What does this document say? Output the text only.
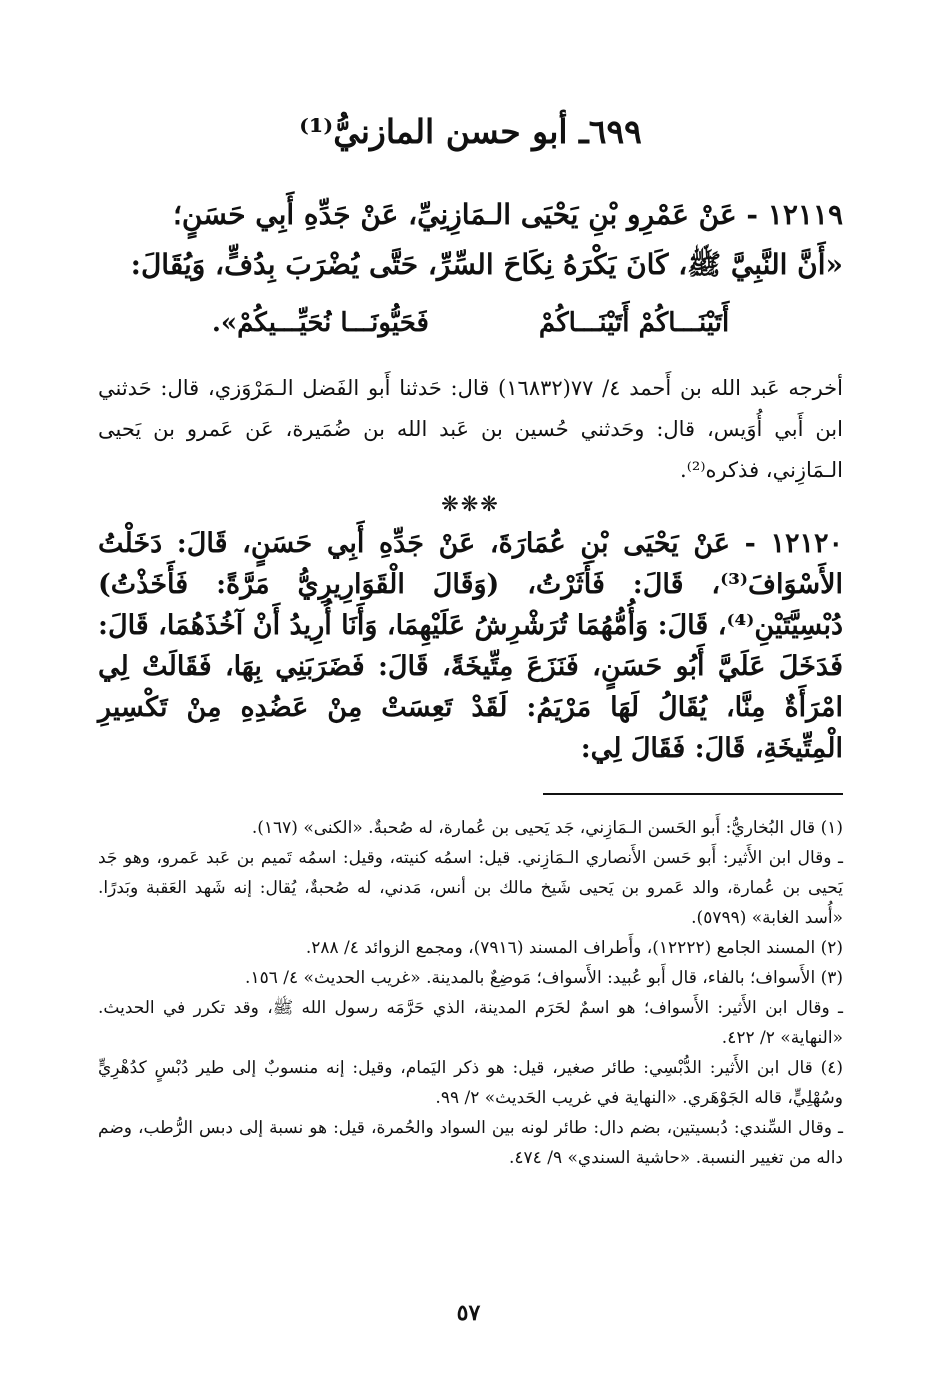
٦٩٩ـ أبو حسن المازنيُّ⁽¹⁾

١٢١١٩ - عَنْ عَمْرِو بْنِ يَحْيَى الـمَازِنِيِّ، عَنْ جَدِّهِ أَبِي حَسَنٍ؛

«أَنَّ النَّبِيَّ ﷺ، كَانَ يَكْرَهُ نِكَاحَ السِّرِّ، حَتَّى يُضْرَبَ بِدُفٍّ، وَيُقَالَ:

أَتَيْنَـــاكُمْ أَتَيْنَـــاكُمْ
فَحَيُّونَـــا نُحَيِّـــيكُمْ».

أخرجه عَبد الله بن أَحمد ٤/ ٧٧(١٦٨٣٢) قال: حَدثنا أَبو الفَضل الـمَرْوَزي، قال: حَدثني ابن أَبي أُوَيس، قال: وحَدثني حُسين بن عَبد الله بن ضُمَيرة، عَن عَمرو بن يَحيى الـمَازِني، فذكره⁽²⁾.

❋❋❋

١٢١٢٠ - عَنْ يَحْيَى بْنِ عُمَارَةَ، عَنْ جَدِّهِ أَبِي حَسَنٍ، قَالَ: دَخَلْتُ الأَسْوَافَ⁽³⁾، قَالَ: فَأَثَرْتُ، (وَقَالَ الْقَوَارِيرِيُّ مَرَّةً: فَأَخَذْتُ) دُبْسِيَّتَيْنِ⁽⁴⁾، قَالَ: وَأُمُّهُمَا تُرَشْرِشُ عَلَيْهِمَا، وَأَنَا أُرِيدُ أَنْ آخُذَهُمَا، قَالَ: فَدَخَلَ عَلَيَّ أَبُو حَسَنٍ، فَنَزَعَ مِتِّيخَةً، قَالَ: فَضَرَبَنِي بِهَا، فَقَالَتْ لِي امْرَأَةٌ مِنَّا، يُقَالُ لَهَا مَرْيَمُ: لَقَدْ تَعِسَتْ مِنْ عَضُدِهِ مِنْ تَكْسِيرِ الْمِتِّيخَةِ، قَالَ: فَقَالَ لِي:

(١) قال البُخاريُّ: أَبو الحَسن الـمَازِني، جَد يَحيى بن عُمارة، له صُحبةٌ. «الكنى» (١٦٧).

ـ وقال ابن الأَثير: أَبو حَسن الأَنصاري الـمَازِني. قيل: اسمُه كنيته، وقيل: اسمُه تَميم بن عَبد عَمرو، وهو جَد يَحيى بن عُمارة، والد عَمرو بن يَحيى شَيخ مالك بن أنس، مَدني، له صُحبةٌ، يُقال: إنه شَهد العَقبة وبَدرًا. «أُسد الغابة» (٥٧٩٩).

(٢) المسند الجامع (١٢٢٢٢)، وأَطراف المسند (٧٩١٦)، ومجمع الزوائد ٤/ ٢٨٨.

(٣) الأَسواف؛ بالفاء، قال أَبو عُبيد: الأَسواف؛ مَوضِعٌ بالمدينة. «غريب الحديث» ٤/ ١٥٦.

ـ وقال ابن الأَثير: الأَسواف؛ هو اسمٌ لحَرَم المدينة، الذي حَرَّمَه رسول الله ﷺ، وقد تكرر في الحديث. «النهاية» ٢/ ٤٢٢.

(٤) قال ابن الأَثير: الدُّبْسِي: طائر صغير، قيل: هو ذكر اليَمام، وقيل: إنه منسوبٌ إلى طير دُبْسٍ كدُهْرِيٍّ وسُهْلِيٍّ، قاله الجَوْهَري. «النهاية في غريب الحَديث» ٢/ ٩٩.

ـ وقال السِّندي: دُبسيتين، بضم دال: طائر لونه بين السواد والحُمرة، قيل: هو نسبة إلى دبس الرُّطب، وضم داله من تغيير النسبة. «حاشية السندي» ٩/ ٤٧٤.

٥٧
